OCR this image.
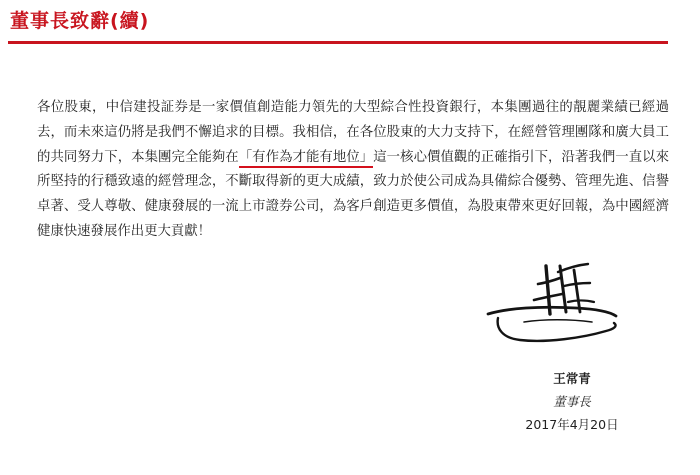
董事長致辭(續)

各位股東，中信建投証券是一家價值創造能力領先的大型綜合性投資銀行，本集團過往的靚麗業績已經過去，而未來這仍將是我們不懈追求的目標。我相信，在各位股東的大力支持下，在經營管理團隊和廣大員工的共同努力下，本集團完全能夠在「有作為才能有地位」這一核心價值觀的正確指引下，沿著我們一直以來所堅持的行穩致遠的經營理念，不斷取得新的更大成績，致力於使公司成為具備綜合優勢、管理先進、信譽卓著、受人尊敬、健康發展的一流上市證券公司，為客戶創造更多價值，為股東帶來更好回報，為中國經濟健康快速發展作出更大貢獻！

王常青
董事長
2017年4月20日
